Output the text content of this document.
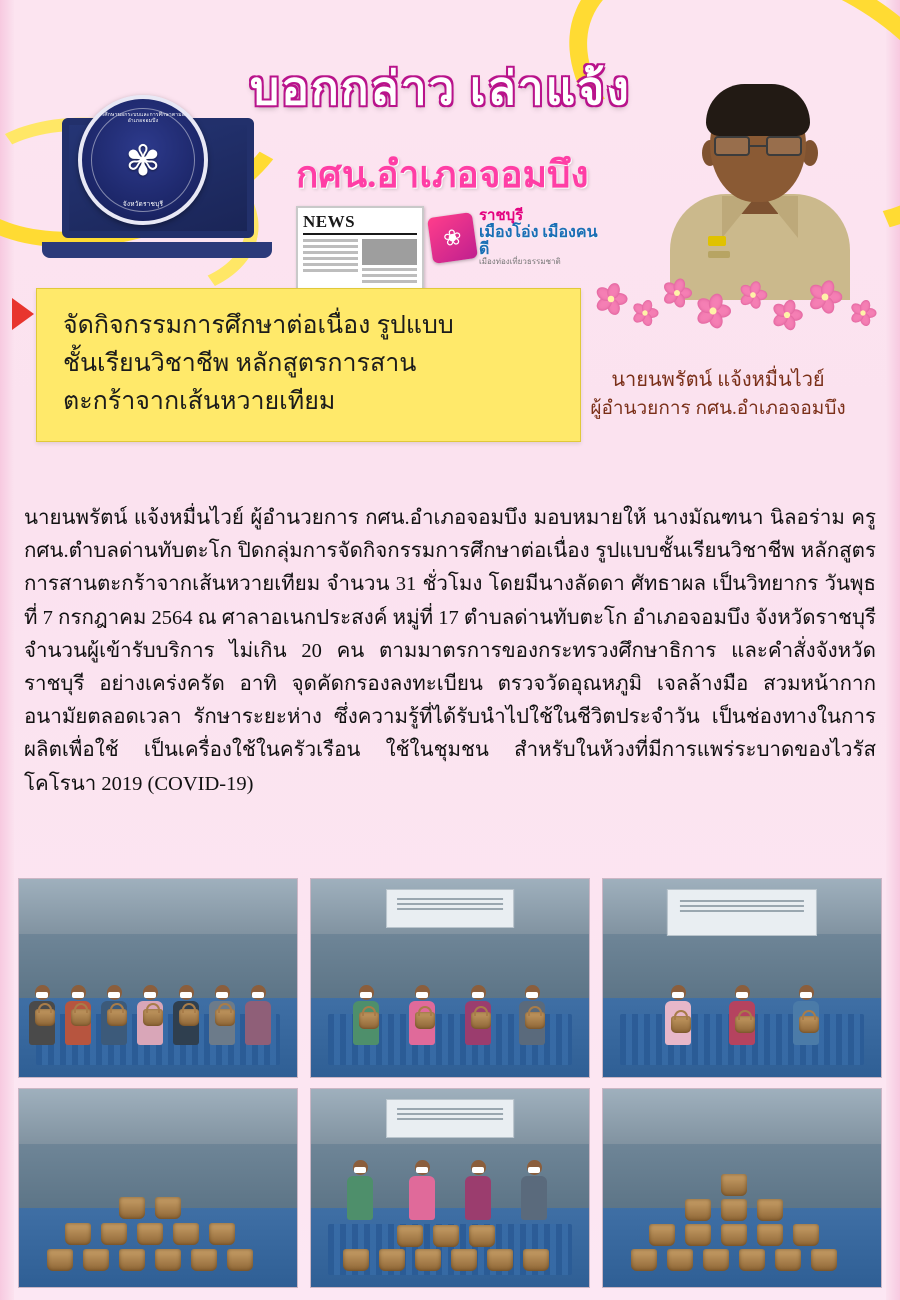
ศูนย์การศึกษานอกระบบและการศึกษาตามอัธยาศัยอำเภอจอมบึง
✾
จังหวัดราชบุรี
NEWS
❀
ราชบุรี
เมืองโอ่ง เมืองคนดี
เมืองท่องเที่ยวธรรมชาติ
บอกกล่าว เล่าแจ้ง
กศน.อำเภอจอมบึง
นายนพรัตน์ แจ้งหมื่นไวย์
ผู้อำนวยการ กศน.อำเภอจอมบึง
จัดกิจกรรมการศึกษาต่อเนื่อง รูปแบบ
ชั้นเรียนวิชาชีพ หลักสูตรการสาน
ตะกร้าจากเส้นหวายเทียม

นายนพรัตน์ แจ้งหมื่นไวย์ ผู้อำนวยการ กศน.อำเภอจอมบึง มอบหมายให้ นางมัณฑนา นิลอร่าม ครู กศน.ตำบลด่านทับตะโก ปิดกลุ่มการจัดกิจกรรมการศึกษาต่อเนื่อง รูปแบบชั้นเรียนวิชาชีพ หลักสูตรการสานตะกร้าจากเส้นหวายเทียม จำนวน 31 ชั่วโมง โดยมีนางลัดดา ศัทธาผล เป็นวิทยากร วันพุธที่ 7 กรกฎาคม 2564 ณ ศาลาอเนกประสงค์ หมู่ที่ 17 ตำบลด่านทับตะโก อำเภอจอมบึง จังหวัดราชบุรี จำนวนผู้เข้ารับบริการ ไม่เกิน 20 คน ตามมาตรการของกระทรวงศึกษาธิการ และคำสั่งจังหวัดราชบุรี อย่างเคร่งครัด อาทิ จุดคัดกรองลงทะเบียน ตรวจวัดอุณหภูมิ เจลล้างมือ สวมหน้ากากอนามัยตลอดเวลา รักษาระยะห่าง ซึ่งความรู้ที่ได้รับนำไปใช้ในชีวิตประจำวัน เป็นช่องทางในการผลิตเพื่อใช้ เป็นเครื่องใช้ในครัวเรือน ใช้ในชุมชน สำหรับในห้วงที่มีการแพร่ระบาดของไวรัสโคโรนา 2019 (COVID-19)
